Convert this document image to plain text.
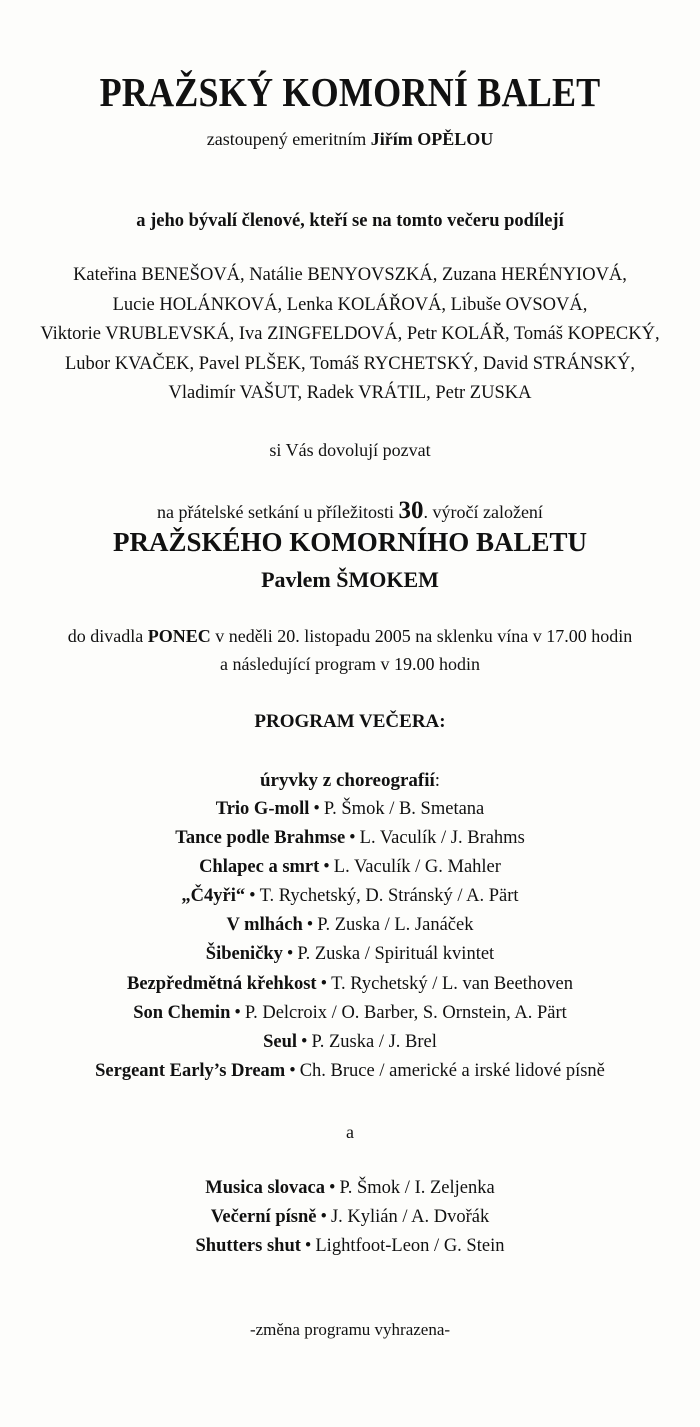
PRAŽSKÝ KOMORNÍ BALET
zastoupený emeritním Jiřím OPĚLOU
a jeho bývalí členové, kteří se na tomto večeru podílejí
Kateřina BENEŠOVÁ, Natálie BENYOVSZKÁ, Zuzana HERÉNYIOVÁ,
Lucie HOLÁNKOVÁ, Lenka KOLÁŘOVÁ, Libuše OVSOVÁ,
Viktorie VRUBLEVSKÁ, Iva ZINGFELDOVÁ, Petr KOLÁŘ, Tomáš KOPECKÝ,
Lubor KVAČEK, Pavel PLŠEK, Tomáš RYCHETSKÝ, David STRÁNSKÝ,
Vladimír VAŠUT, Radek VRÁTIL, Petr ZUSKA
si Vás dovolují pozvat
na přátelské setkání u příležitosti 30. výročí založení
PRAŽSKÉHO KOMORNÍHO BALETU
Pavlem ŠMOKEM
do divadla PONEC v neděli 20. listopadu 2005 na sklenku vína v 17.00 hodin
a následující program v 19.00 hodin
PROGRAM VEČERA:
úryvky z choreografií:
Trio G-moll • P. Šmok / B. Smetana
Tance podle Brahmse • L. Vaculík / J. Brahms
Chlapec a smrt • L. Vaculík / G. Mahler
„Č4yři“ • T. Rychetský, D. Stránský / A. Pärt
V mlhách • P. Zuska / L. Janáček
Šibeničky • P. Zuska / Spirituál kvintet
Bezpředmětná křehkost • T. Rychetský / L. van Beethoven
Son Chemin • P. Delcroix / O. Barber, S. Ornstein, A. Pärt
Seul • P. Zuska / J. Brel
Sergeant Early’s Dream • Ch. Bruce / americké a irské lidové písně
a
Musica slovaca • P. Šmok / I. Zeljenka
Večerní písně • J. Kylián / A. Dvořák
Shutters shut • Lightfoot-Leon / G. Stein
-změna programu vyhrazena-
